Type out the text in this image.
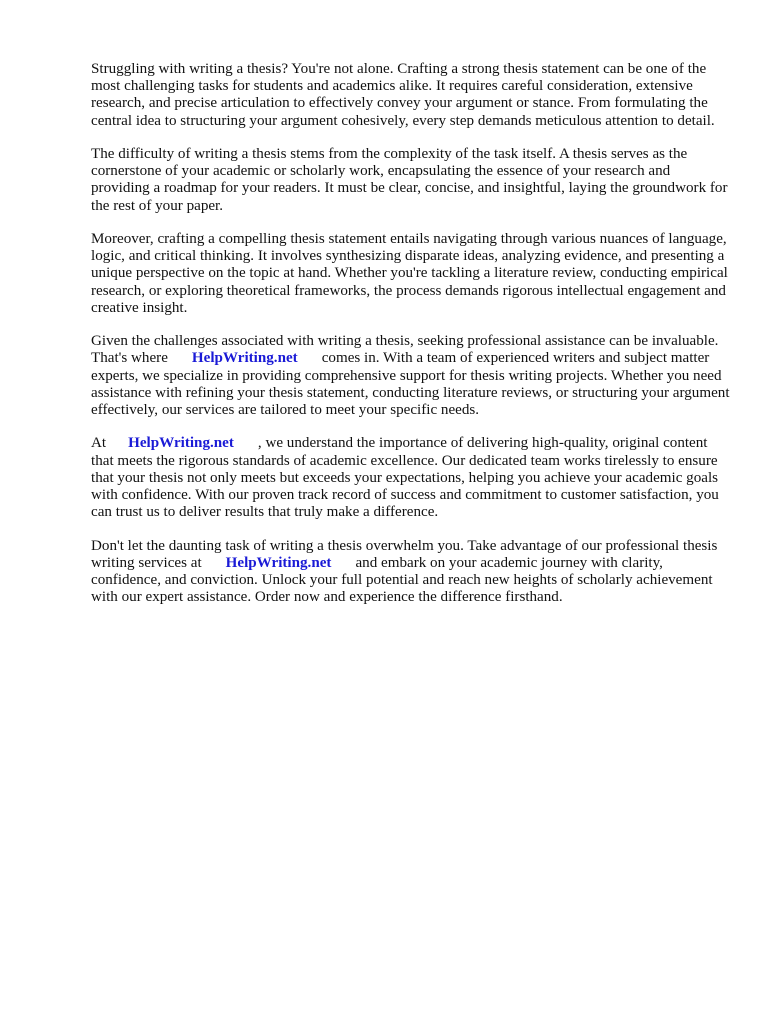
Struggling with writing a thesis? You're not alone. Crafting a strong thesis statement can be one of the most challenging tasks for students and academics alike. It requires careful consideration, extensive research, and precise articulation to effectively convey your argument or stance. From formulating the central idea to structuring your argument cohesively, every step demands meticulous attention to detail.

The difficulty of writing a thesis stems from the complexity of the task itself. A thesis serves as the cornerstone of your academic or scholarly work, encapsulating the essence of your research and providing a roadmap for your readers. It must be clear, concise, and insightful, laying the groundwork for the rest of your paper.

Moreover, crafting a compelling thesis statement entails navigating through various nuances of language, logic, and critical thinking. It involves synthesizing disparate ideas, analyzing evidence, and presenting a unique perspective on the topic at hand. Whether you're tackling a literature review, conducting empirical research, or exploring theoretical frameworks, the process demands rigorous intellectual engagement and creative insight.

Given the challenges associated with writing a thesis, seeking professional assistance can be invaluable. That's where HelpWriting.net comes in. With a team of experienced writers and subject matter experts, we specialize in providing comprehensive support for thesis writing projects. Whether you need assistance with refining your thesis statement, conducting literature reviews, or structuring your argument effectively, our services are tailored to meet your specific needs.

At HelpWriting.net , we understand the importance of delivering high-quality, original content that meets the rigorous standards of academic excellence. Our dedicated team works tirelessly to ensure that your thesis not only meets but exceeds your expectations, helping you achieve your academic goals with confidence. With our proven track record of success and commitment to customer satisfaction, you can trust us to deliver results that truly make a difference.

Don't let the daunting task of writing a thesis overwhelm you. Take advantage of our professional thesis writing services at HelpWriting.net and embark on your academic journey with clarity, confidence, and conviction. Unlock your full potential and reach new heights of scholarly achievement with our expert assistance. Order now and experience the difference firsthand.
